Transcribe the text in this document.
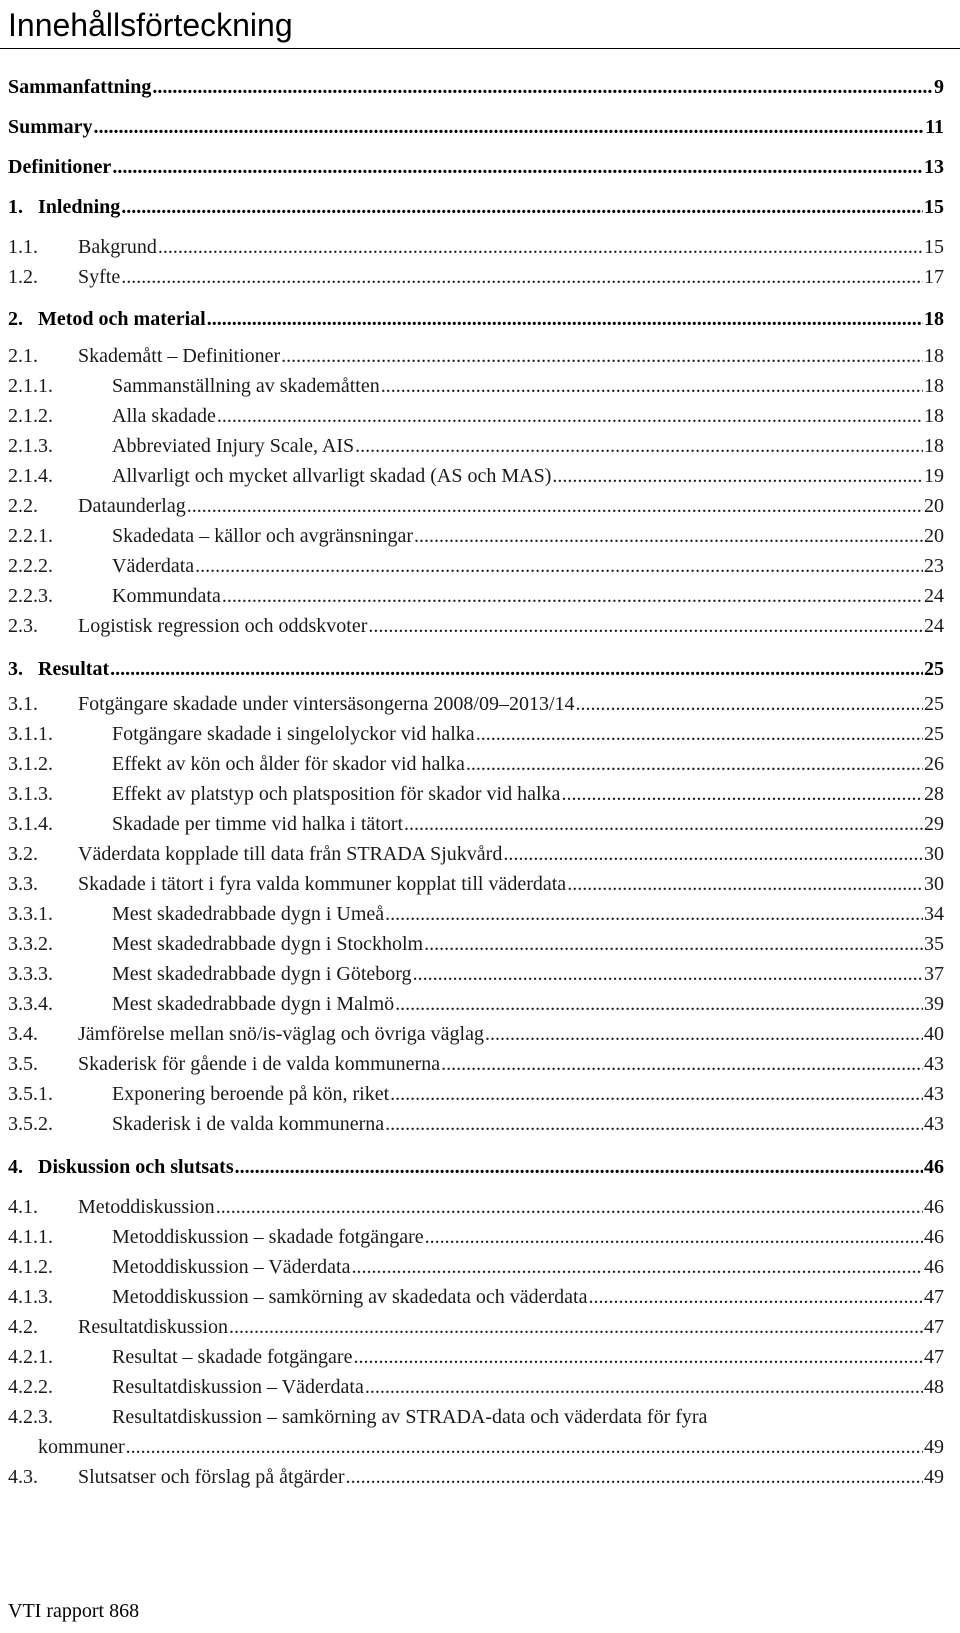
Innehållsförteckning
Sammanfattning .....	9
Summary .....	11
Definitioner .....	13
1. Inledning .....	15
1.1.	Bakgrund .....	15
1.2.	Syfte .....	17
2. Metod och material .....	18
2.1.	Skademått – Definitioner .....	18
2.1.1.	Sammanställning av skademåtten .....	18
2.1.2.	Alla skadade .....	18
2.1.3.	Abbreviated Injury Scale, AIS .....	18
2.1.4.	Allvarligt och mycket allvarligt skadad (AS och MAS) .....	19
2.2.	Dataunderlag .....	20
2.2.1.	Skadedata – källor och avgränsningar .....	20
2.2.2.	Väderdata .....	23
2.2.3.	Kommundata .....	24
2.3.	Logistisk regression och oddskvoter .....	24
3. Resultat .....	25
3.1.	Fotgängare skadade under vintersäsongerna 2008/09–2013/14 .....	25
3.1.1.	Fotgängare skadade i singelolyckor vid halka .....	25
3.1.2.	Effekt av kön och ålder för skador vid halka .....	26
3.1.3.	Effekt av platstyp och platsposition för skador vid halka .....	28
3.1.4.	Skadade per timme vid halka i tätort .....	29
3.2.	Väderdata kopplade till data från STRADA Sjukvård .....	30
3.3.	Skadade i tätort i fyra valda kommuner kopplat till väderdata .....	30
3.3.1.	Mest skadedrabbade dygn i Umeå .....	34
3.3.2.	Mest skadedrabbade dygn i Stockholm .....	35
3.3.3.	Mest skadedrabbade dygn i Göteborg .....	37
3.3.4.	Mest skadedrabbade dygn i Malmö .....	39
3.4.	Jämförelse mellan snö/is-väglag och övriga väglag .....	40
3.5.	Skaderisk för gående i de valda kommunerna .....	43
3.5.1.	Exponering beroende på kön, riket .....	43
3.5.2.	Skaderisk i de valda kommunerna .....	43
4. Diskussion och slutsats .....	46
4.1.	Metoddiskussion .....	46
4.1.1.	Metoddiskussion – skadade fotgängare .....	46
4.1.2.	Metoddiskussion – Väderdata .....	46
4.1.3.	Metoddiskussion – samkörning av skadedata och väderdata .....	47
4.2.	Resultatdiskussion .....	47
4.2.1.	Resultat – skadade fotgängare .....	47
4.2.2.	Resultatdiskussion – Väderdata .....	48
4.2.3.	Resultatdiskussion – samkörning av STRADA-data och väderdata för fyra
kommuner .....	49
4.3.	Slutsatser och förslag på åtgärder .....	49
VTI rapport 868
